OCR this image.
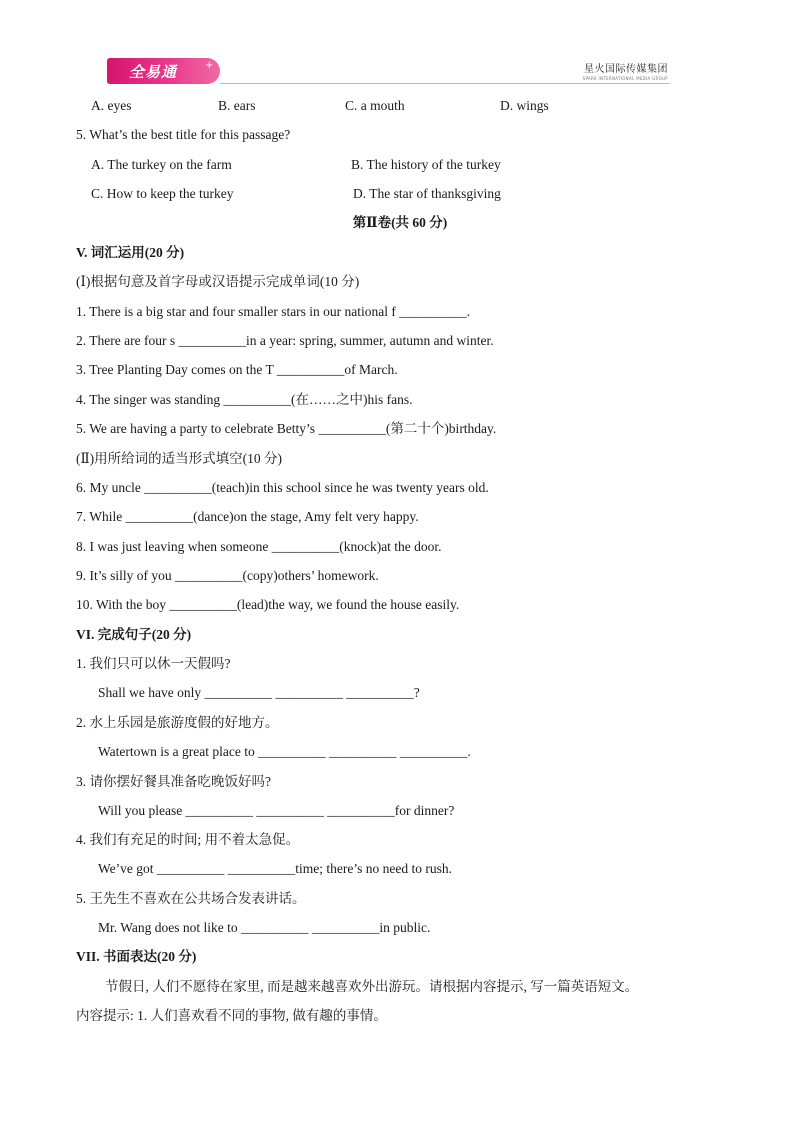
全易通	+	星火国际传媒集团
SPARK INTERNATIONAL MEDIA GROUP
A. eyes	B. ears	C. a mouth	D. wings
5. What’s the best title for this passage?
A. The turkey on the farm	B. The history of the turkey
C. How to keep the turkey	D. The star of thanksgiving
第Ⅱ卷(共 60 分)
V. 词汇运用(20 分)
(Ⅰ)根据句意及首字母或汉语提示完成单词(10 分)
1. There is a big star and four smaller stars in our national f __________.
2. There are four s __________in a year: spring, summer, autumn and winter.
3. Tree Planting Day comes on the T __________of March.
4. The singer was standing __________(在……之中)his fans.
5. We are having a party to celebrate Betty’s __________(第二十个)birthday.
(Ⅱ)用所给词的适当形式填空(10 分)
6. My uncle __________(teach)in this school since he was twenty years old.
7. While __________(dance)on the stage, Amy felt very happy.
8. I was just leaving when someone __________(knock)at the door.
9. It’s silly of you __________(copy)others’ homework.
10. With the boy __________(lead)the way, we found the house easily.
VI. 完成句子(20 分)
1. 我们只可以休一天假吗?
Shall we have only __________ __________ __________?
2. 水上乐园是旅游度假的好地方。
Watertown is a great place to __________ __________ __________.
3. 请你摆好餐具准备吃晚饭好吗?
Will you please __________ __________ __________for dinner?
4. 我们有充足的时间; 用不着太急促。
We’ve got __________ __________time; there’s no need to rush.
5. 王先生不喜欢在公共场合发表讲话。
Mr. Wang does not like to __________ __________in public.
VII. 书面表达(20 分)
节假日, 人们不愿待在家里, 而是越来越喜欢外出游玩。请根据内容提示, 写一篇英语短文。
内容提示: 1. 人们喜欢看不同的事物, 做有趣的事情。
